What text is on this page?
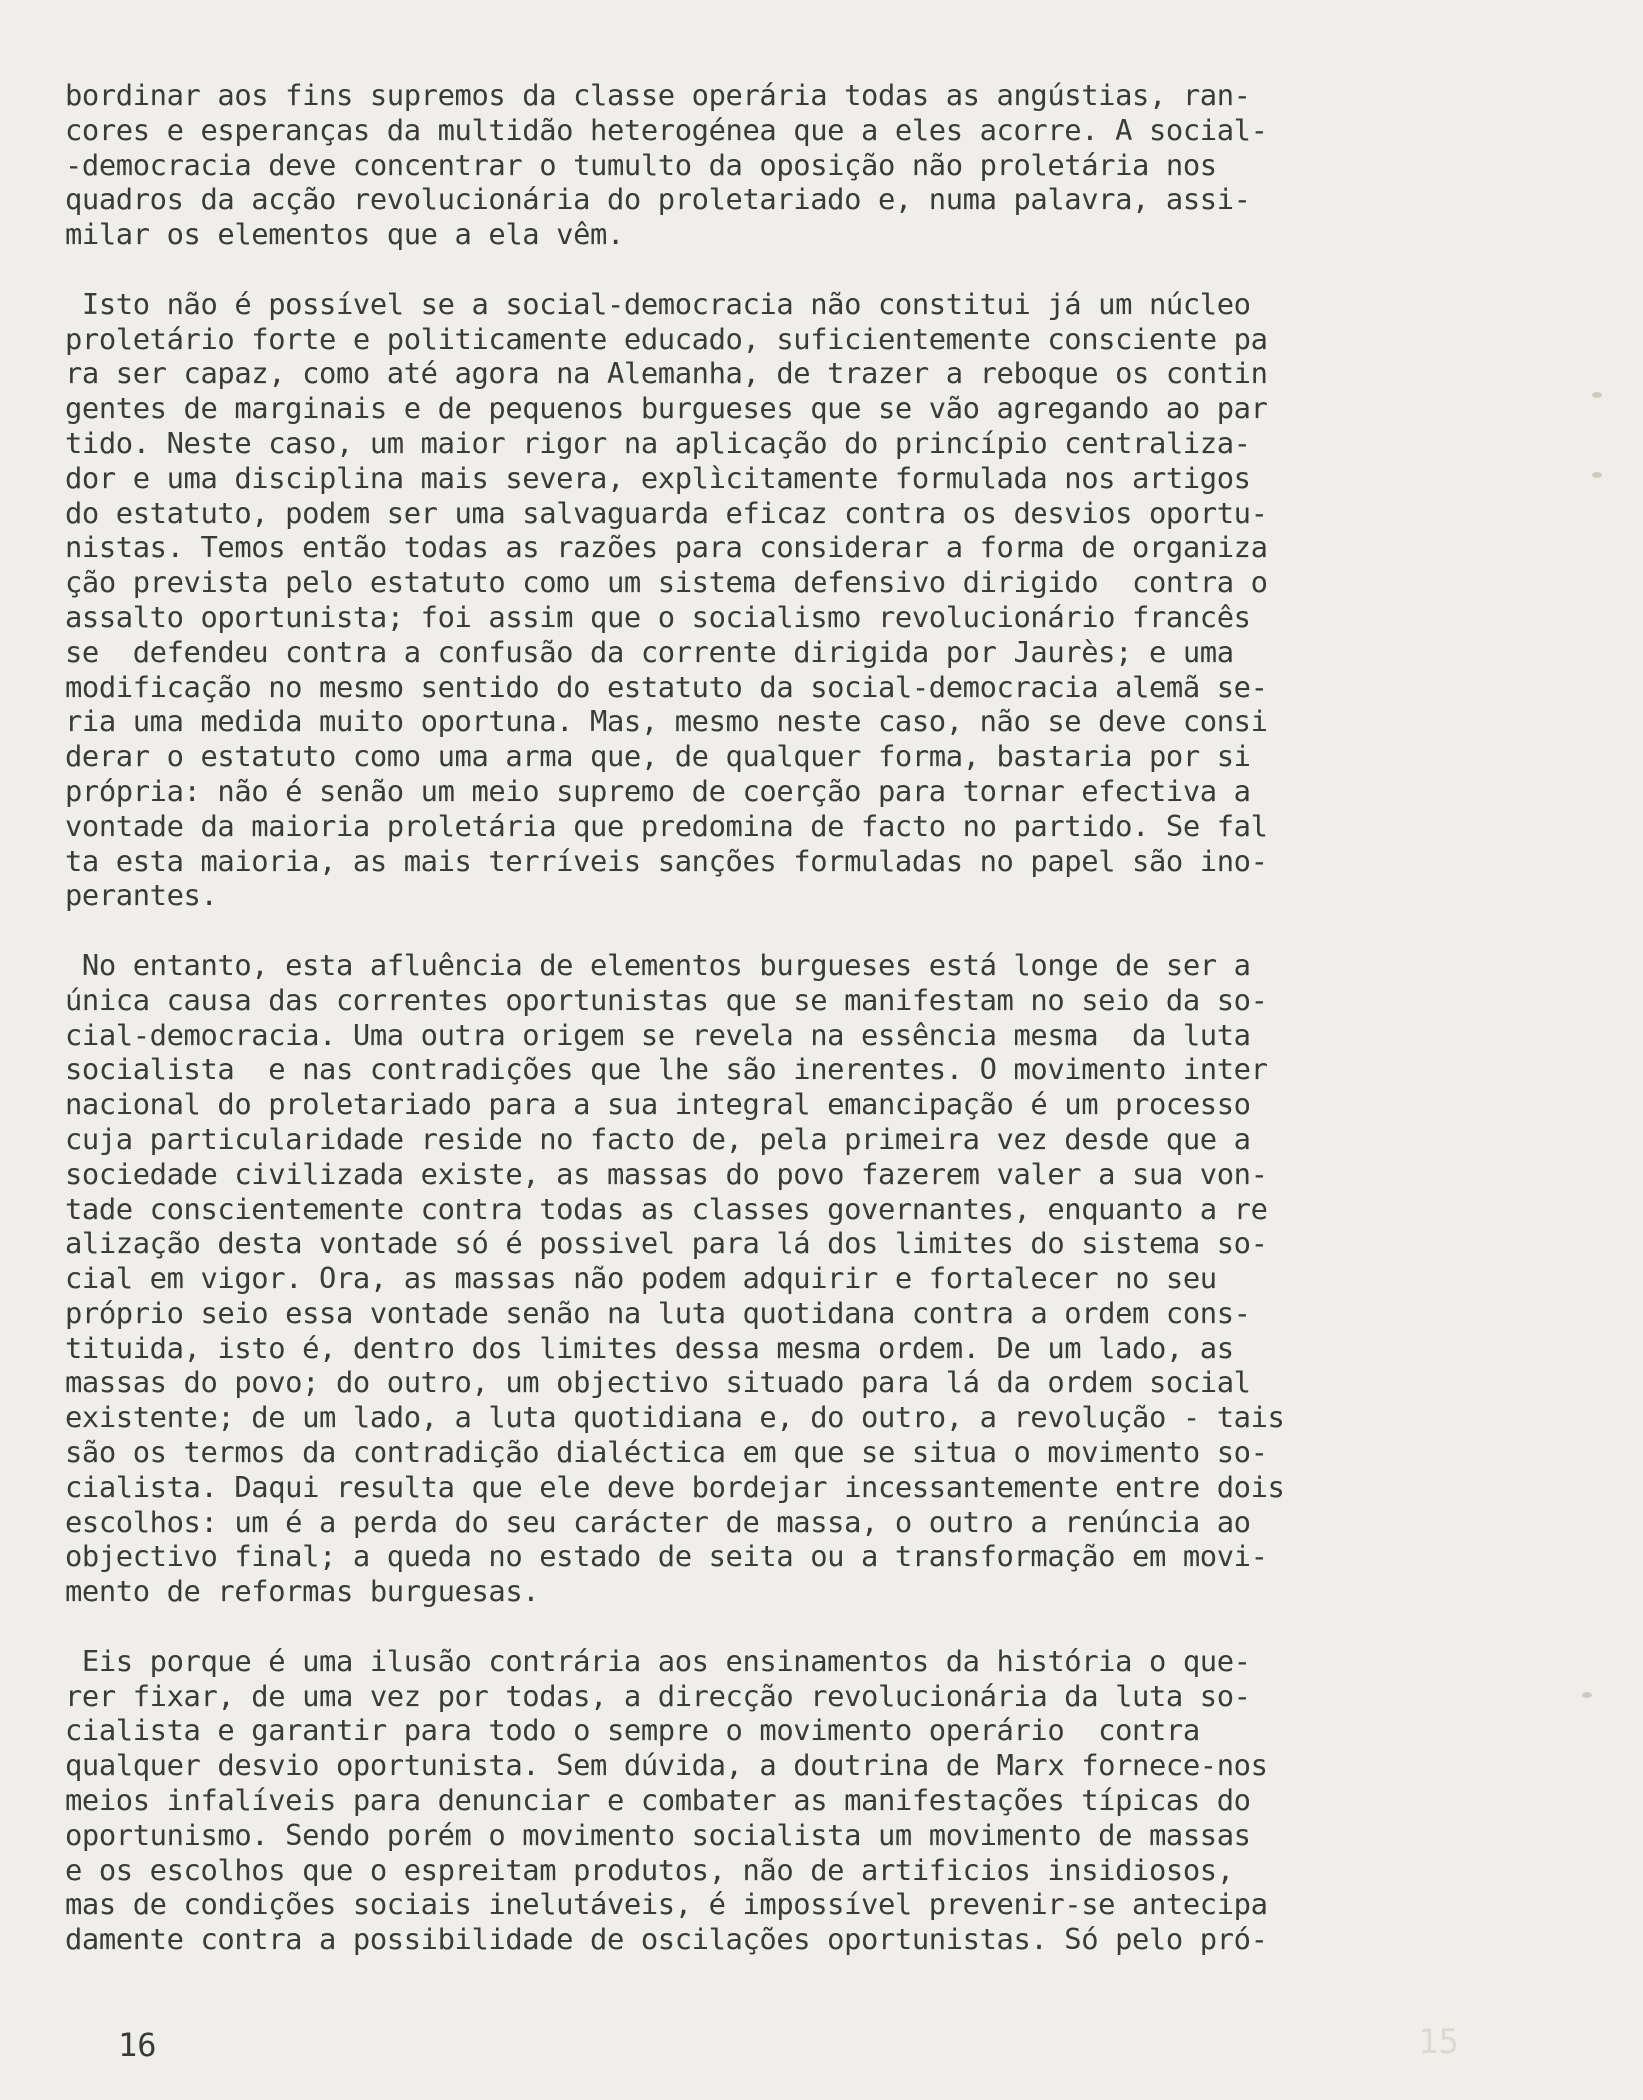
bordinar aos fins supremos da classe operária todas as angústias, ran-
cores e esperanças da multidão heterogénea que a eles acorre. A social-
-democracia deve concentrar o tumulto da oposição não proletária nos
quadros da acção revolucionária do proletariado e, numa palavra, assi-
milar os elementos que a ela vêm.
Isto não é possível se a social-democracia não constitui já um núcleo
proletário forte e politicamente educado, suficientemente consciente pa
ra ser capaz, como até agora na Alemanha, de trazer a reboque os contin
gentes de marginais e de pequenos burgueses que se vão agregando ao par
tido. Neste caso, um maior rigor na aplicação do princípio centraliza-
dor e uma disciplina mais severa, explìcitamente formulada nos artigos
do estatuto, podem ser uma salvaguarda eficaz contra os desvios oportu-
nistas. Temos então todas as razões para considerar a forma de organiza
ção prevista pelo estatuto como um sistema defensivo dirigido  contra o
assalto oportunista; foi assim que o socialismo revolucionário francês
se  defendeu contra a confusão da corrente dirigida por Jaurès; e uma
modificação no mesmo sentido do estatuto da social-democracia alemã se-
ria uma medida muito oportuna. Mas, mesmo neste caso, não se deve consi
derar o estatuto como uma arma que, de qualquer forma, bastaria por si
própria: não é senão um meio supremo de coerção para tornar efectiva a
vontade da maioria proletária que predomina de facto no partido. Se fal
ta esta maioria, as mais terríveis sanções formuladas no papel são ino-
perantes.
No entanto, esta afluência de elementos burgueses está longe de ser a
única causa das correntes oportunistas que se manifestam no seio da so-
cial-democracia. Uma outra origem se revela na essência mesma  da luta
socialista  e nas contradições que lhe são inerentes. O movimento inter
nacional do proletariado para a sua integral emancipação é um processo
cuja particularidade reside no facto de, pela primeira vez desde que a
sociedade civilizada existe, as massas do povo fazerem valer a sua von-
tade conscientemente contra todas as classes governantes, enquanto a re
alização desta vontade só é possivel para lá dos limites do sistema so-
cial em vigor. Ora, as massas não podem adquirir e fortalecer no seu
próprio seio essa vontade senão na luta quotidana contra a ordem cons-
tituida, isto é, dentro dos limites dessa mesma ordem. De um lado, as
massas do povo; do outro, um objectivo situado para lá da ordem social
existente; de um lado, a luta quotidiana e, do outro, a revolução - tais
são os termos da contradição dialéctica em que se situa o movimento so-
cialista. Daqui resulta que ele deve bordejar incessantemente entre dois
escolhos: um é a perda do seu carácter de massa, o outro a renúncia ao
objectivo final; a queda no estado de seita ou a transformação em movi-
mento de reformas burguesas.
Eis porque é uma ilusão contrária aos ensinamentos da história o que-
rer fixar, de uma vez por todas, a direcção revolucionária da luta so-
cialista e garantir para todo o sempre o movimento operário  contra
qualquer desvio oportunista. Sem dúvida, a doutrina de Marx fornece-nos
meios infalíveis para denunciar e combater as manifestações típicas do
oportunismo. Sendo porém o movimento socialista um movimento de massas
e os escolhos que o espreitam produtos, não de artificios insidiosos,
mas de condições sociais inelutáveis, é impossível prevenir-se antecipa
damente contra a possibilidade de oscilações oportunistas. Só pelo pró-
16	15
